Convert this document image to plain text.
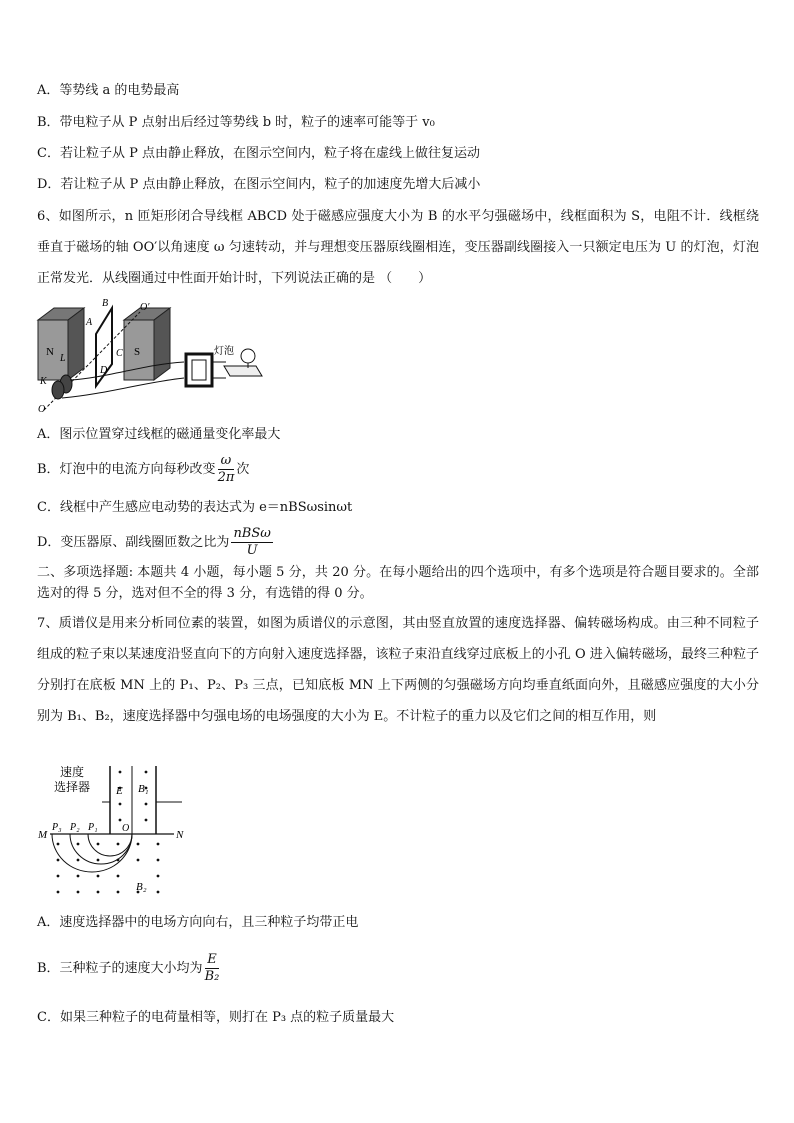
A．等势线 a 的电势最高
B．带电粒子从 P 点射出后经过等势线 b 时，粒子的速率可能等于 v₀
C．若让粒子从 P 点由静止释放，在图示空间内，粒子将在虚线上做往复运动
D．若让粒子从 P 点由静止释放，在图示空间内，粒子的加速度先增大后减小
6、如图所示，n 匝矩形闭合导线框 ABCD 处于磁感应强度大小为 B 的水平匀强磁场中，线框面积为 S，电阻不计．线框绕垂直于磁场的轴 OO′以角速度 ω 匀速转动，并与理想变压器原线圈相连，变压器副线圈接入一只额定电压为 U 的灯泡，灯泡正常发光．从线圈通过中性面开始计时，下列说法正确的是 （　　）
N	S
A
B
C
D
O′
O
K
L
灯泡
A．图示位置穿过线框的磁通量变化率最大
B．灯泡中的电流方向每秒改变 $\frac{\omega}{2\pi}$ 次
C．线框中产生感应电动势的表达式为 e＝nBSωsinωt
D．变压器原、副线圈匝数之比为 $\frac{\text{nBSω}}{U}$
二、多项选择题: 本题共 4 小题，每小题 5 分，共 20 分。在每小题给出的四个选项中，有多个选项是符合题目要求的。全部选对的得 5 分，选对但不全的得 3 分，有选错的得 0 分。
7、质谱仪是用来分析同位素的装置，如图为质谱仪的示意图，其由竖直放置的速度选择器、偏转磁场构成。由三种不同粒子组成的粒子束以某速度沿竖直向下的方向射入速度选择器，该粒子束沿直线穿过底板上的小孔 O 进入偏转磁场，最终三种粒子分别打在底板 MN 上的 P₁、P₂、P₃ 三点，已知底板 MN 上下两侧的匀强磁场方向均垂直纸面向外，且磁感应强度的大小分别为 B₁、B₂，速度选择器中匀强电场的电场强度的大小为 E。不计粒子的重力以及它们之间的相互作用，则
速度
选择器 E B₁
B₂
M	N
P₃ P₂ P₁ O
A．速度选择器中的电场方向向右，且三种粒子均带正电
B．三种粒子的速度大小均为 $\frac{E}{\text{B₂}}$
C．如果三种粒子的电荷量相等，则打在 P₃ 点的粒子质量最大
